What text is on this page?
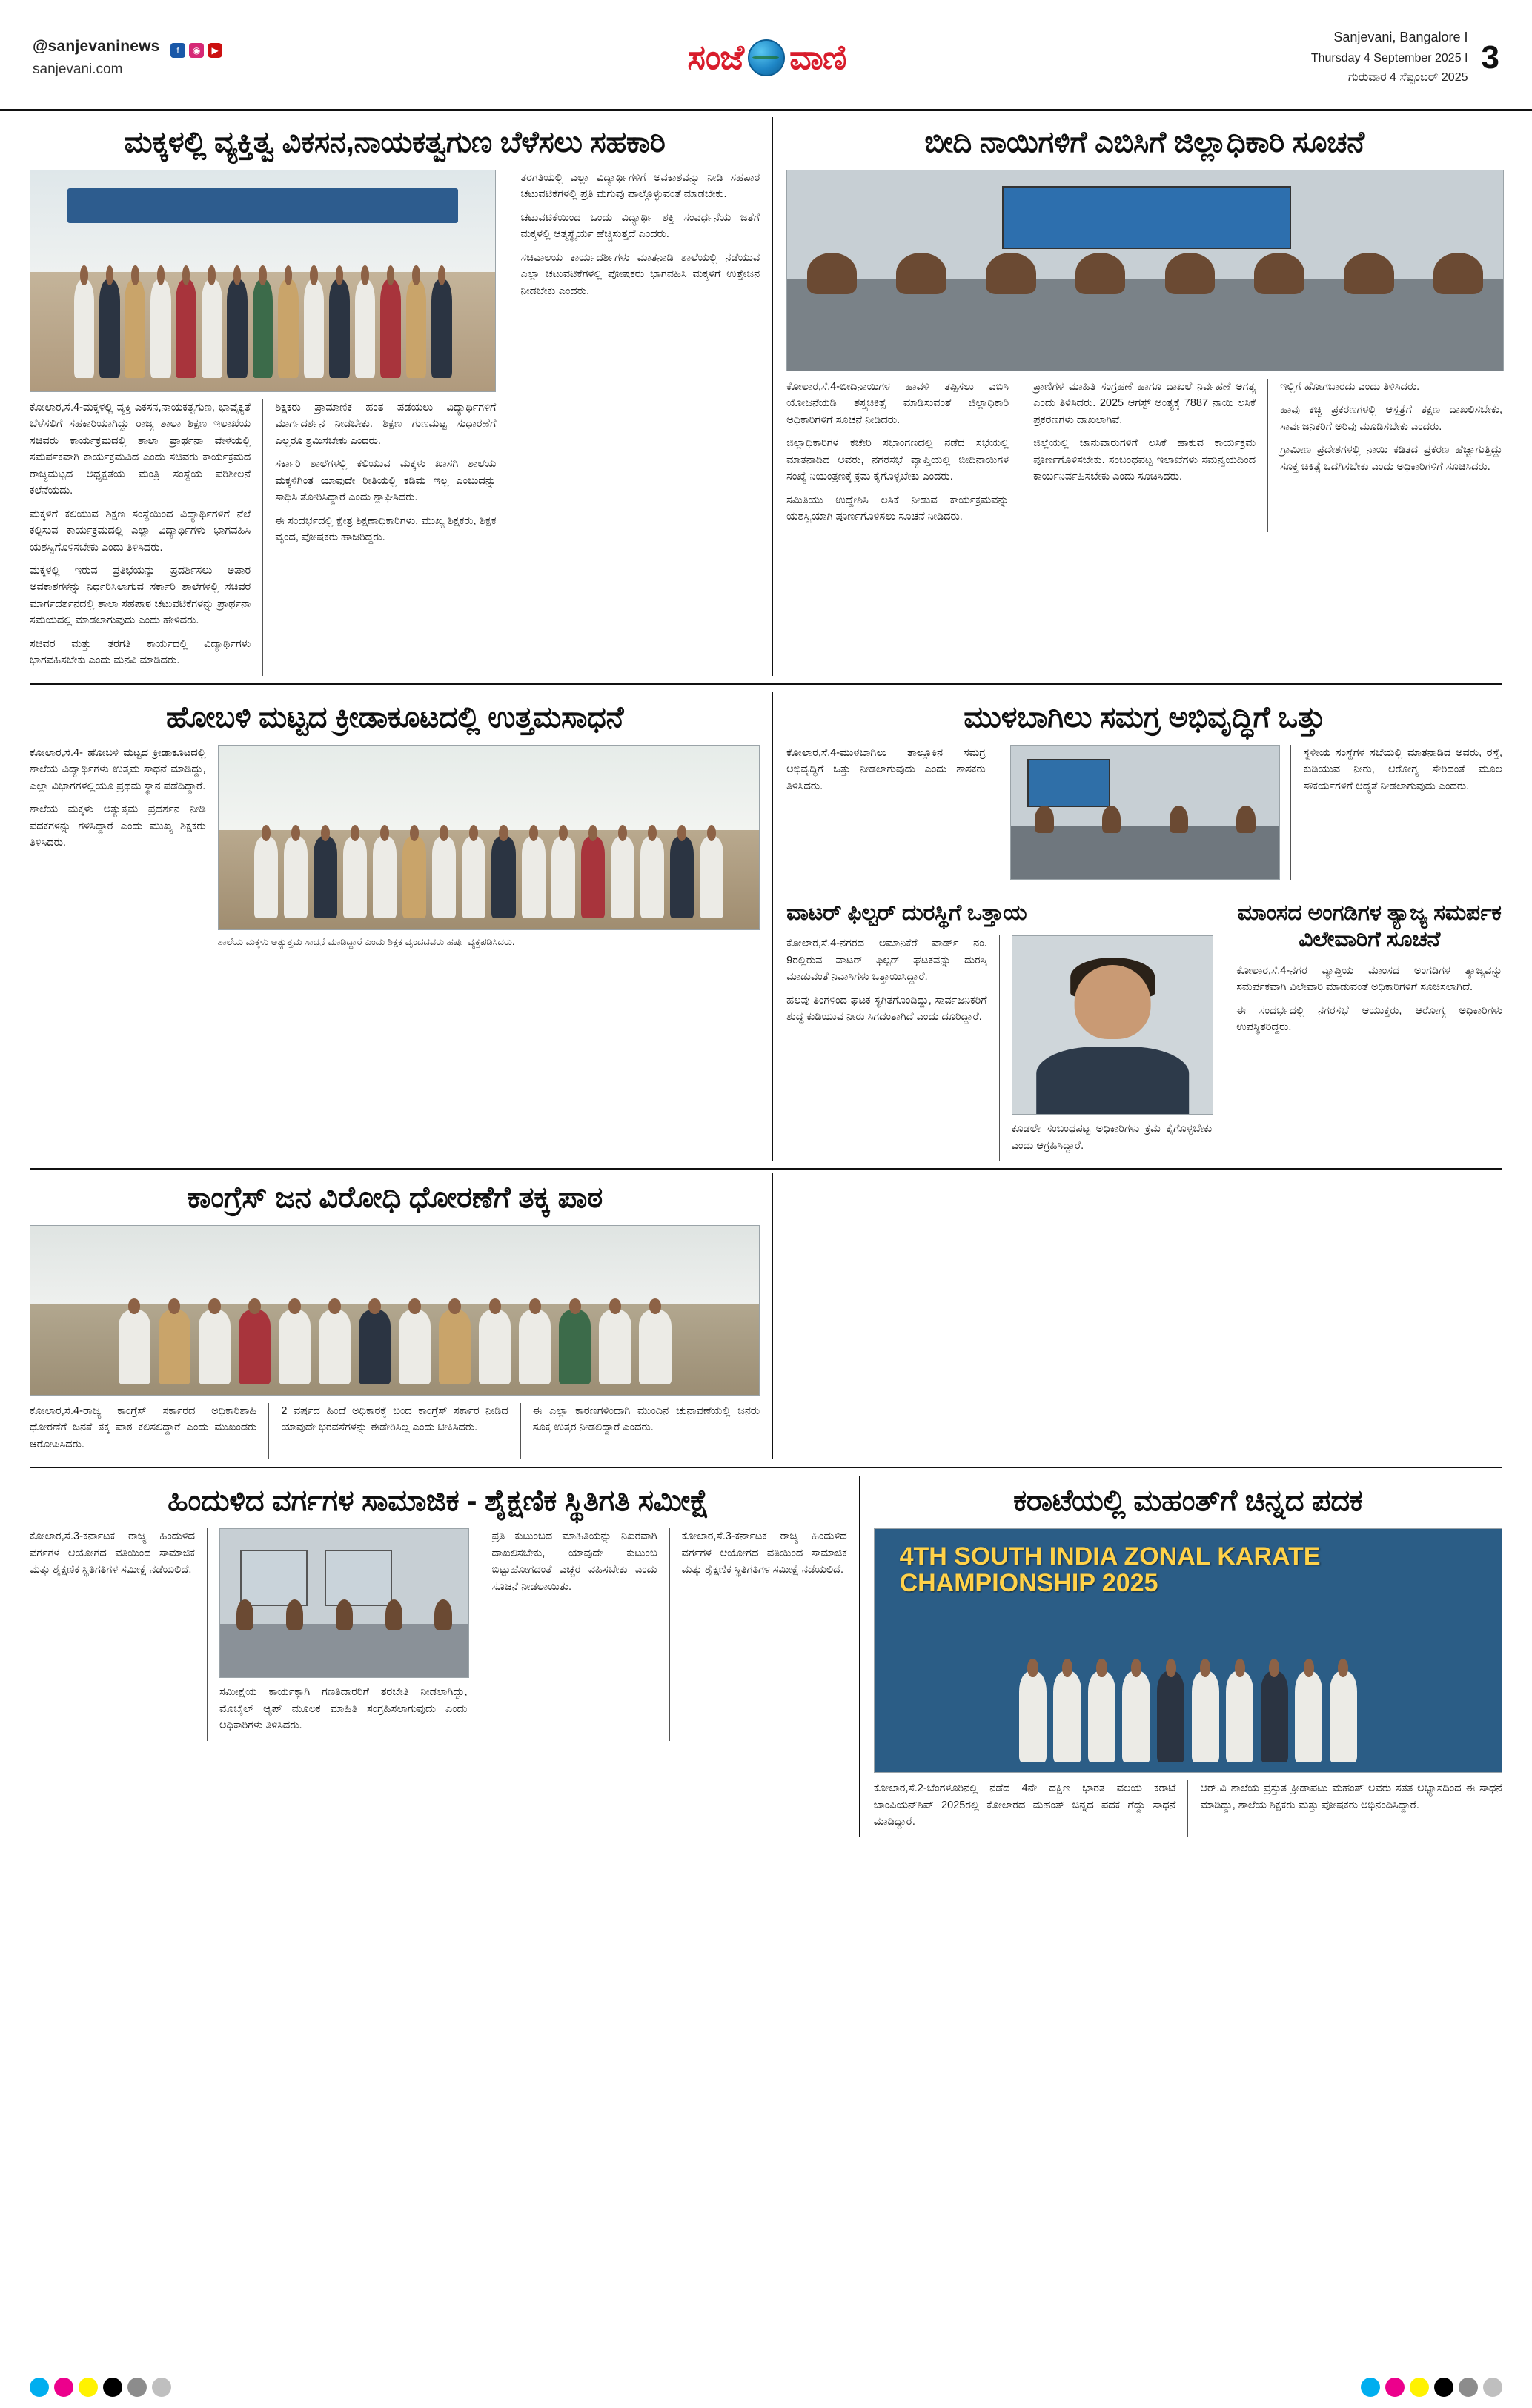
@sanjevaninews	f	◉	▶
sanjevani.com	ಸಂಜೆ ವಾಣಿ
Sanjevani, Bangalore I
Thursday 4 September 2025 I
ಗುರುವಾರ 4 ಸೆಪ್ಟಂಬರ್ 2025
3
ಮಕ್ಕಳಲ್ಲಿ ವ್ಯಕ್ತಿತ್ವ ವಿಕಸನ,ನಾಯಕತ್ವಗುಣ ಬೆಳೆಸಲು ಸಹಕಾರಿ

ಕೋಲಾರ,ಸೆ.4-ಮಕ್ಕಳಲ್ಲಿ ವ್ಯಕ್ತಿ ಎಕಸನ,ನಾಯಕತ್ವಗುಣ, ಭಾವೈಕ್ಯತೆ ಬೆಳೆಸಲಿಗೆ ಸಹಕಾರಿಯಾಗಿದ್ದು ರಾಜ್ಯ ಶಾಲಾ ಶಿಕ್ಷಣ ಇಲಾಖೆಯ ಸಚಿವರು ಕಾರ್ಯಕ್ರಮದಲ್ಲಿ ಶಾಲಾ ಪ್ರಾರ್ಥನಾ ವೇಳೆಯಲ್ಲಿ ಸಮರ್ಪಕವಾಗಿ ಕಾರ್ಯಕ್ರಮವಿದ ಎಂದು ಸಚಿವರು ಕಾರ್ಯಕ್ರಮದ ರಾಜ್ಯಮಟ್ಟದ ಅಧ್ಯಕ್ಷತೆಯ ಮಂತ್ರಿ ಸಂಸ್ಥೆಯ ಪರಿಶೀಲನೆ ಕಲೆನೆಯದು.

ಮಕ್ಕಳಿಗೆ ಕಲಿಯುವ ಶಿಕ್ಷಣ ಸಂಸ್ಥೆಯಿಂದ ವಿದ್ಯಾರ್ಥಿಗಳಿಗೆ ನೆಲೆ ಕಲ್ಪಿಸುವ ಕಾರ್ಯಕ್ರಮದಲ್ಲಿ ಎಲ್ಲಾ ವಿದ್ಯಾರ್ಥಿಗಳು ಭಾಗವಹಿಸಿ ಯಶಸ್ವಿಗೊಳಿಸಬೇಕು ಎಂದು ತಿಳಿಸಿದರು.

ಮಕ್ಕಳಲ್ಲಿ ಇರುವ ಪ್ರತಿಭೆಯನ್ನು ಪ್ರದರ್ಶಿಸಲು ಅಪಾರ ಅವಕಾಶಗಳನ್ನು ನಿರ್ಧರಿಸಿಲಾಗುವ ಸರ್ಕಾರಿ ಶಾಲೆಗಳಲ್ಲಿ ಸಚಿವರ ಮಾರ್ಗದರ್ಶನದಲ್ಲಿ ಶಾಲಾ ಸಹಪಾಠ ಚಟುವಟಿಕೆಗಳನ್ನು ಪ್ರಾರ್ಥನಾ ಸಮಯದಲ್ಲಿ ಮಾಡಲಾಗುವುದು ಎಂದು ಹೇಳಿದರು.

ಸಚಿವರ ಮತ್ತು ತರಗತಿ ಕಾರ್ಯದಲ್ಲಿ ವಿದ್ಯಾರ್ಥಿಗಳು ಭಾಗವಹಿಸಬೇಕು ಎಂದು ಮನವಿ ಮಾಡಿದರು.

ಶಿಕ್ಷಕರು ಪ್ರಾಮಾಣಿಕ ಹಂತ ಪಡೆಯಲು ವಿದ್ಯಾರ್ಥಿಗಳಿಗೆ ಮಾರ್ಗದರ್ಶನ ನೀಡಬೇಕು. ಶಿಕ್ಷಣ ಗುಣಮಟ್ಟ ಸುಧಾರಣೆಗೆ ಎಲ್ಲರೂ ಶ್ರಮಿಸಬೇಕು ಎಂದರು.

ಸರ್ಕಾರಿ ಶಾಲೆಗಳಲ್ಲಿ ಕಲಿಯುವ ಮಕ್ಕಳು ಖಾಸಗಿ ಶಾಲೆಯ ಮಕ್ಕಳಿಗಿಂತ ಯಾವುದೇ ರೀತಿಯಲ್ಲಿ ಕಡಿಮೆ ಇಲ್ಲ ಎಂಬುದನ್ನು ಸಾಧಿಸಿ ತೋರಿಸಿದ್ದಾರೆ ಎಂದು ಶ್ಲಾಘಿಸಿದರು.

ಈ ಸಂದರ್ಭದಲ್ಲಿ ಕ್ಷೇತ್ರ ಶಿಕ್ಷಣಾಧಿಕಾರಿಗಳು, ಮುಖ್ಯ ಶಿಕ್ಷಕರು, ಶಿಕ್ಷಕ ವೃಂದ, ಪೋಷಕರು ಹಾಜರಿದ್ದರು.

ತರಗತಿಯಲ್ಲಿ ಎಲ್ಲಾ ವಿದ್ಯಾರ್ಥಿಗಳಿಗೆ ಅವಕಾಶವನ್ನು ನೀಡಿ ಸಹಪಾಠ ಚಟುವಟಿಕೆಗಳಲ್ಲಿ ಪ್ರತಿ ಮಗುವು ಪಾಲ್ಗೊಳ್ಳುವಂತೆ ಮಾಡಬೇಕು.

ಚಟುವಟಿಕೆಯಿಂದ ಒಂದು ವಿದ್ಯಾರ್ಥಿ ಶಕ್ತಿ ಸಂವರ್ಧನೆಯ ಜತೆಗೆ ಮಕ್ಕಳಲ್ಲಿ ಆತ್ಮಸ್ಥೈರ್ಯ ಹೆಚ್ಚಿಸುತ್ತದೆ ಎಂದರು.

ಸಚಿವಾಲಯ ಕಾರ್ಯದರ್ಶಿಗಳು ಮಾತನಾಡಿ ಶಾಲೆಯಲ್ಲಿ ನಡೆಯುವ ಎಲ್ಲಾ ಚಟುವಟಿಕೆಗಳಲ್ಲಿ ಪೋಷಕರು ಭಾಗವಹಿಸಿ ಮಕ್ಕಳಿಗೆ ಉತ್ತೇಜನ ನೀಡಬೇಕು ಎಂದರು.

ಬೀದಿ ನಾಯಿಗಳಿಗೆ ಎಬಿಸಿಗೆ ಜಿಲ್ಲಾಧಿಕಾರಿ ಸೂಚನೆ

ಕೋಲಾರ,ಸೆ.4-ಬೀದಿನಾಯಿಗಳ ಹಾವಳಿ ತಪ್ಪಿಸಲು ಎಬಿಸಿ ಯೋಜನೆಯಡಿ ಶಸ್ತ್ರಚಿಕಿತ್ಸೆ ಮಾಡಿಸುವಂತೆ ಜಿಲ್ಲಾಧಿಕಾರಿ ಅಧಿಕಾರಿಗಳಿಗೆ ಸೂಚನೆ ನೀಡಿದರು.

ಜಿಲ್ಲಾಧಿಕಾರಿಗಳ ಕಚೇರಿ ಸಭಾಂಗಣದಲ್ಲಿ ನಡೆದ ಸಭೆಯಲ್ಲಿ ಮಾತನಾಡಿದ ಅವರು, ನಗರಸಭೆ ವ್ಯಾಪ್ತಿಯಲ್ಲಿ ಬೀದಿನಾಯಿಗಳ ಸಂಖ್ಯೆ ನಿಯಂತ್ರಣಕ್ಕೆ ಕ್ರಮ ಕೈಗೊಳ್ಳಬೇಕು ಎಂದರು.

ಸಮಿತಿಯು ಉದ್ದೇಶಿಸಿ ಲಸಿಕೆ ನೀಡುವ ಕಾರ್ಯಕ್ರಮವನ್ನು ಯಶಸ್ವಿಯಾಗಿ ಪೂರ್ಣಗೊಳಿಸಲು ಸೂಚನೆ ನೀಡಿದರು.

ಪ್ರಾಣಿಗಳ ಮಾಹಿತಿ ಸಂಗ್ರಹಣೆ ಹಾಗೂ ದಾಖಲೆ ನಿರ್ವಹಣೆ ಅಗತ್ಯ ಎಂದು ತಿಳಿಸಿದರು. 2025 ಆಗಸ್ಟ್ ಅಂತ್ಯಕ್ಕೆ 7887 ನಾಯಿ ಲಸಿಕೆ ಪ್ರಕರಣಗಳು ದಾಖಲಾಗಿವೆ.

ಜಿಲ್ಲೆಯಲ್ಲಿ ಜಾನುವಾರುಗಳಿಗೆ ಲಸಿಕೆ ಹಾಕುವ ಕಾರ್ಯಕ್ರಮ ಪೂರ್ಣಗೊಳಿಸಬೇಕು. ಸಂಬಂಧಪಟ್ಟ ಇಲಾಖೆಗಳು ಸಮನ್ವಯದಿಂದ ಕಾರ್ಯನಿರ್ವಹಿಸಬೇಕು ಎಂದು ಸೂಚಿಸಿದರು.

ಇಲ್ಲಿಗೆ ಹೋಗಬಾರದು ಎಂದು ತಿಳಿಸಿದರು.

ಹಾವು ಕಚ್ಚಿ ಪ್ರಕರಣಗಳಲ್ಲಿ ಆಸ್ಪತ್ರೆಗೆ ತಕ್ಷಣ ದಾಖಲಿಸಬೇಕು, ಸಾರ್ವಜನಿಕರಿಗೆ ಅರಿವು ಮೂಡಿಸಬೇಕು ಎಂದರು.

ಗ್ರಾಮೀಣ ಪ್ರದೇಶಗಳಲ್ಲಿ ನಾಯಿ ಕಡಿತದ ಪ್ರಕರಣ ಹೆಚ್ಚಾಗುತ್ತಿದ್ದು ಸೂಕ್ತ ಚಿಕಿತ್ಸೆ ಒದಗಿಸಬೇಕು ಎಂದು ಅಧಿಕಾರಿಗಳಿಗೆ ಸೂಚಿಸಿದರು.

ಹೋಬಳಿ ಮಟ್ಟದ ಕ್ರೀಡಾಕೂಟದಲ್ಲಿ ಉತ್ತಮಸಾಧನೆ

ಕೋಲಾರ,ಸೆ.4- ಹೋಬಳಿ ಮಟ್ಟದ ಕ್ರೀಡಾಕೂಟದಲ್ಲಿ ಶಾಲೆಯ ವಿದ್ಯಾರ್ಥಿಗಳು ಉತ್ತಮ ಸಾಧನೆ ಮಾಡಿದ್ದು, ಎಲ್ಲಾ ವಿಭಾಗಗಳಲ್ಲಿಯೂ ಪ್ರಥಮ ಸ್ಥಾನ ಪಡೆದಿದ್ದಾರೆ.

ಶಾಲೆಯ ಮಕ್ಕಳು ಅತ್ಯುತ್ತಮ ಪ್ರದರ್ಶನ ನೀಡಿ ಪದಕಗಳನ್ನು ಗಳಿಸಿದ್ದಾರೆ ಎಂದು ಮುಖ್ಯ ಶಿಕ್ಷಕರು ತಿಳಿಸಿದರು.

ಶಾಲೆಯ ಮಕ್ಕಳು ಅತ್ಯುತ್ತಮ ಸಾಧನೆ ಮಾಡಿದ್ದಾರೆ ಎಂದು ಶಿಕ್ಷಕ ವೃಂದದವರು ಹರ್ಷ ವ್ಯಕ್ತಪಡಿಸಿದರು.

ಮುಳಬಾಗಿಲು ಸಮಗ್ರ ಅಭಿವೃದ್ಧಿಗೆ ಒತ್ತು

ಕೋಲಾರ,ಸೆ.4-ಮುಳಬಾಗಿಲು ತಾಲ್ಲೂಕಿನ ಸಮಗ್ರ ಅಭಿವೃದ್ಧಿಗೆ ಒತ್ತು ನೀಡಲಾಗುವುದು ಎಂದು ಶಾಸಕರು ತಿಳಿಸಿದರು.

ಸ್ಥಳೀಯ ಸಂಸ್ಥೆಗಳ ಸಭೆಯಲ್ಲಿ ಮಾತನಾಡಿದ ಅವರು, ರಸ್ತೆ, ಕುಡಿಯುವ ನೀರು, ಆರೋಗ್ಯ ಸೇರಿದಂತೆ ಮೂಲ ಸೌಕರ್ಯಗಳಿಗೆ ಆದ್ಯತೆ ನೀಡಲಾಗುವುದು ಎಂದರು.

ವಾಟರ್ ಫಿಲ್ಟರ್ ದುರಸ್ಥಿಗೆ ಒತ್ತಾಯ

ಕೋಲಾರ,ಸೆ.4-ನಗರದ ಅಮಾನಿಕೆರೆ ವಾರ್ಡ್ ನಂ. 9ರಲ್ಲಿರುವ ವಾಟರ್ ಫಿಲ್ಟರ್ ಘಟಕವನ್ನು ದುರಸ್ತಿ ಮಾಡುವಂತೆ ನಿವಾಸಿಗಳು ಒತ್ತಾಯಿಸಿದ್ದಾರೆ.

ಹಲವು ತಿಂಗಳಿಂದ ಘಟಕ ಸ್ಥಗಿತಗೊಂಡಿದ್ದು, ಸಾರ್ವಜನಿಕರಿಗೆ ಶುದ್ಧ ಕುಡಿಯುವ ನೀರು ಸಿಗದಂತಾಗಿದೆ ಎಂದು ದೂರಿದ್ದಾರೆ.

ಕೂಡಲೇ ಸಂಬಂಧಪಟ್ಟ ಅಧಿಕಾರಿಗಳು ಕ್ರಮ ಕೈಗೊಳ್ಳಬೇಕು ಎಂದು ಆಗ್ರಹಿಸಿದ್ದಾರೆ.

ಮಾಂಸದ ಅಂಗಡಿಗಳ ತ್ಯಾಜ್ಯ ಸಮರ್ಪಕ ವಿಲೇವಾರಿಗೆ ಸೂಚನೆ

ಕೋಲಾರ,ಸೆ.4-ನಗರ ವ್ಯಾಪ್ತಿಯ ಮಾಂಸದ ಅಂಗಡಿಗಳ ತ್ಯಾಜ್ಯವನ್ನು ಸಮರ್ಪಕವಾಗಿ ವಿಲೇವಾರಿ ಮಾಡುವಂತೆ ಅಧಿಕಾರಿಗಳಿಗೆ ಸೂಚಿಸಲಾಗಿದೆ.

ಈ ಸಂದರ್ಭದಲ್ಲಿ ನಗರಸಭೆ ಆಯುಕ್ತರು, ಆರೋಗ್ಯ ಅಧಿಕಾರಿಗಳು ಉಪಸ್ಥಿತರಿದ್ದರು.

ಕಾಂಗ್ರೆಸ್ ಜನ ವಿರೋಧಿ ಧೋರಣೆಗೆ ತಕ್ಕ ಪಾಠ

ಕೋಲಾರ,ಸೆ.4-ರಾಜ್ಯ ಕಾಂಗ್ರೆಸ್ ಸರ್ಕಾರದ ಅಧಿಕಾರಿಶಾಹಿ ಧೋರಣೆಗೆ ಜನತೆ ತಕ್ಕ ಪಾಠ ಕಲಿಸಲಿದ್ದಾರೆ ಎಂದು ಮುಖಂಡರು ಆರೋಪಿಸಿದರು.

2 ವರ್ಷದ ಹಿಂದೆ ಅಧಿಕಾರಕ್ಕೆ ಬಂದ ಕಾಂಗ್ರೆಸ್ ಸರ್ಕಾರ ನೀಡಿದ ಯಾವುದೇ ಭರವಸೆಗಳನ್ನು ಈಡೇರಿಸಿಲ್ಲ ಎಂದು ಟೀಕಿಸಿದರು.

ಈ ಎಲ್ಲಾ ಕಾರಣಗಳಿಂದಾಗಿ ಮುಂದಿನ ಚುನಾವಣೆಯಲ್ಲಿ ಜನರು ಸೂಕ್ತ ಉತ್ತರ ನೀಡಲಿದ್ದಾರೆ ಎಂದರು.

ಹಿಂದುಳಿದ ವರ್ಗಗಳ ಸಾಮಾಜಿಕ - ಶೈಕ್ಷಣಿಕ ಸ್ಥಿತಿಗತಿ ಸಮೀಕ್ಷೆ

ಕೋಲಾರ,ಸೆ.3-ಕರ್ನಾಟಕ ರಾಜ್ಯ ಹಿಂದುಳಿದ ವರ್ಗಗಳ ಆಯೋಗದ ವತಿಯಿಂದ ಸಾಮಾಜಿಕ ಮತ್ತು ಶೈಕ್ಷಣಿಕ ಸ್ಥಿತಿಗತಿಗಳ ಸಮೀಕ್ಷೆ ನಡೆಯಲಿದೆ.

ಸಮೀಕ್ಷೆಯ ಕಾರ್ಯಕ್ಕಾಗಿ ಗಣತಿದಾರರಿಗೆ ತರಬೇತಿ ನೀಡಲಾಗಿದ್ದು, ಮೊಬೈಲ್ ಆ್ಯಪ್ ಮೂಲಕ ಮಾಹಿತಿ ಸಂಗ್ರಹಿಸಲಾಗುವುದು ಎಂದು ಅಧಿಕಾರಿಗಳು ತಿಳಿಸಿದರು.

ಪ್ರತಿ ಕುಟುಂಬದ ಮಾಹಿತಿಯನ್ನು ನಿಖರವಾಗಿ ದಾಖಲಿಸಬೇಕು, ಯಾವುದೇ ಕುಟುಂಬ ಬಿಟ್ಟುಹೋಗದಂತೆ ಎಚ್ಚರ ವಹಿಸಬೇಕು ಎಂದು ಸೂಚನೆ ನೀಡಲಾಯಿತು.

ಕೋಲಾರ,ಸೆ.3-ಕರ್ನಾಟಕ ರಾಜ್ಯ ಹಿಂದುಳಿದ ವರ್ಗಗಳ ಆಯೋಗದ ವತಿಯಿಂದ ಸಾಮಾಜಿಕ ಮತ್ತು ಶೈಕ್ಷಣಿಕ ಸ್ಥಿತಿಗತಿಗಳ ಸಮೀಕ್ಷೆ ನಡೆಯಲಿದೆ.

ಕರಾಟೆಯಲ್ಲಿ ಮಹಂತ್‌ಗೆ ಚಿನ್ನದ ಪದಕ
4TH SOUTH INDIA ZONAL KARATE CHAMPIONSHIP 2025

ಕೋಲಾರ,ಸೆ.2-ಬೆಂಗಳೂರಿನಲ್ಲಿ ನಡೆದ 4ನೇ ದಕ್ಷಿಣ ಭಾರತ ವಲಯ ಕರಾಟೆ ಚಾಂಪಿಯನ್‌ಶಿಪ್ 2025ರಲ್ಲಿ ಕೋಲಾರದ ಮಹಂತ್ ಚಿನ್ನದ ಪದಕ ಗೆದ್ದು ಸಾಧನೆ ಮಾಡಿದ್ದಾರೆ.

ಆರ್.ವಿ ಶಾಲೆಯ ಪ್ರಸ್ತುತ ಕ್ರೀಡಾಪಟು ಮಹಂತ್ ಅವರು ಸತತ ಅಭ್ಯಾಸದಿಂದ ಈ ಸಾಧನೆ ಮಾಡಿದ್ದು, ಶಾಲೆಯ ಶಿಕ್ಷಕರು ಮತ್ತು ಪೋಷಕರು ಅಭಿನಂದಿಸಿದ್ದಾರೆ.
